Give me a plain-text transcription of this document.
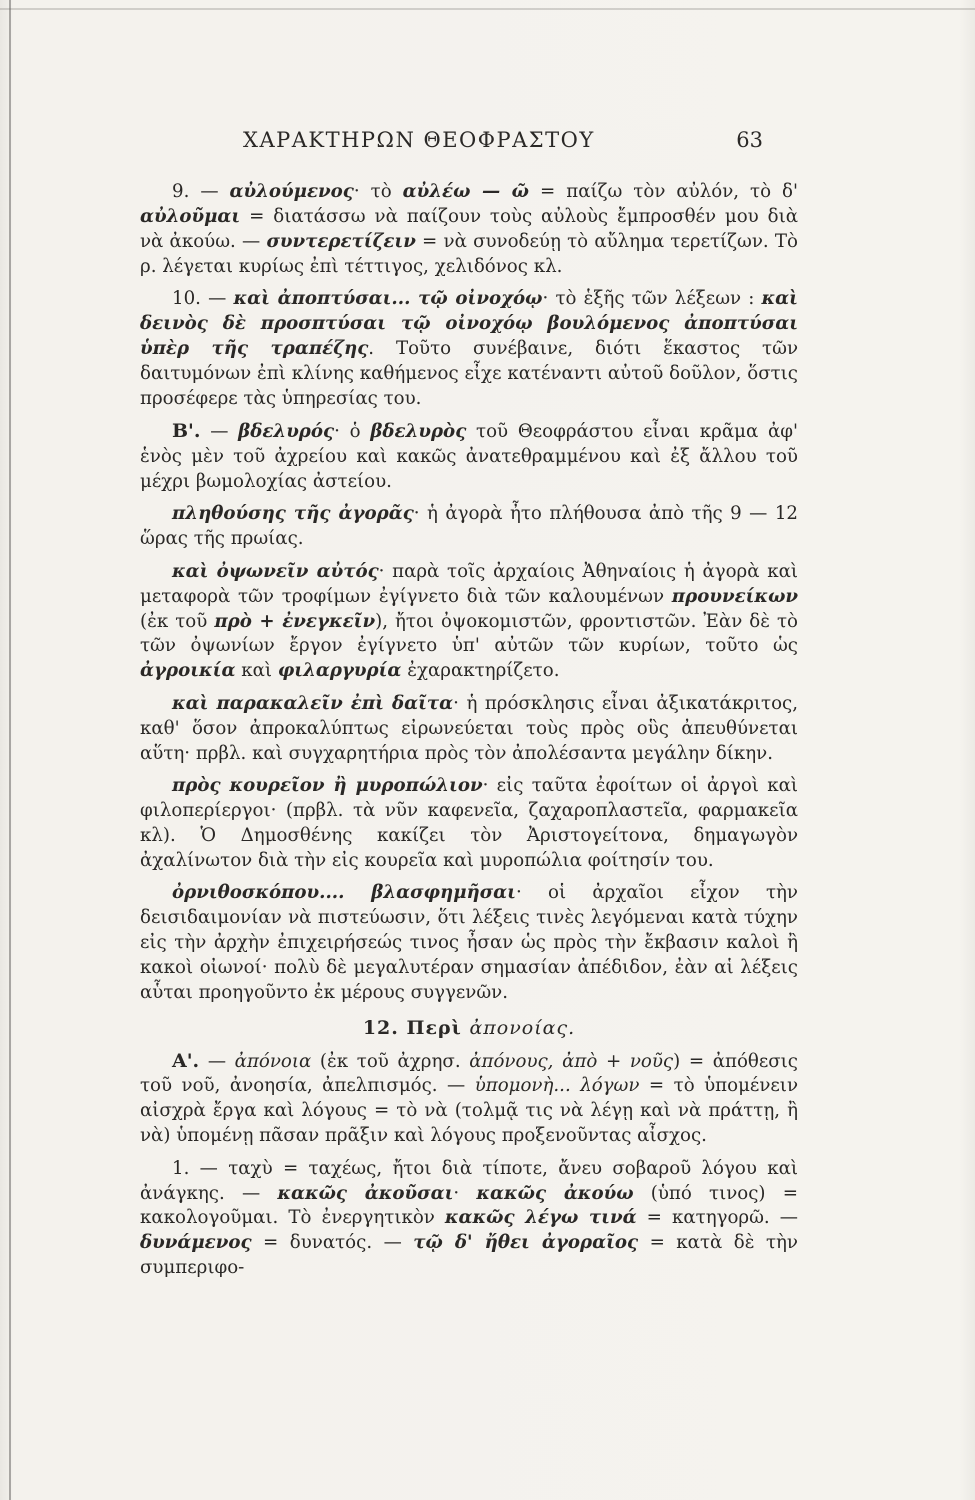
ΧΑΡΑΚΤΗΡΩΝ ΘΕΟΦΡΑΣΤΟΥ	63

9. — αὐλούμενος· τὸ αὐλέω — ῶ = παίζω τὸν αὐλόν, τὸ δ' αὐλοῦμαι = διατάσσω νὰ παίζουν τοὺς αὐλοὺς ἔμπροσθέν μου διὰ νὰ ἀκούω. — συντερετίζειν = νὰ συνοδεύῃ τὸ αὔλημα τερετίζων. Τὸ ρ. λέγεται κυρίως ἐπὶ τέττιγος, χελιδόνος κλ.

10. — καὶ ἀποπτύσαι... τῷ οἰνοχόῳ· τὸ ἑξῆς τῶν λέξεων : καὶ δεινὸς δὲ προσπτύσαι τῷ οἰνοχόῳ βουλόμενος ἀποπτύσαι ὑπὲρ τῆς τραπέζης. Τοῦτο συνέβαινε, διότι ἕκαστος τῶν δαιτυμόνων ἐπὶ κλίνης καθήμενος εἶχε κατέναντι αὐτοῦ δοῦλον, ὅστις προσέφερε τὰς ὑπηρεσίας του.

Β'. — βδελυρός· ὁ βδελυρὸς τοῦ Θεοφράστου εἶναι κρᾶμα ἀφ' ἑνὸς μὲν τοῦ ἀχρείου καὶ κακῶς ἀνατεθραμμένου καὶ ἐξ ἄλλου τοῦ μέχρι βωμολοχίας ἀστείου.

πληθούσης τῆς ἀγορᾶς· ἡ ἀγορὰ ἦτο πλήθουσα ἀπὸ τῆς 9 — 12 ὥρας τῆς πρωίας.

καὶ ὀψωνεῖν αὐτός· παρὰ τοῖς ἀρχαίοις Ἀθηναίοις ἡ ἀγορὰ καὶ μεταφορὰ τῶν τροφίμων ἐγίγνετο διὰ τῶν καλουμένων προυνείκων (ἐκ τοῦ πρὸ + ἐνεγκεῖν), ἤτοι ὀψοκομιστῶν, φροντιστῶν. Ἐὰν δὲ τὸ τῶν ὀψωνίων ἔργον ἐγίγνετο ὑπ' αὐτῶν τῶν κυρίων, τοῦτο ὡς ἀγροικία καὶ φιλαργυρία ἐχαρακτηρίζετο.

καὶ παρακαλεῖν ἐπὶ δαῖτα· ἡ πρόσκλησις εἶναι ἀξικατάκριτος, καθ' ὅσον ἀπροκαλύπτως εἰρωνεύεται τοὺς πρὸς οὓς ἀπευθύνεται αὕτη· πρβλ. καὶ συγχαρητήρια πρὸς τὸν ἀπολέσαντα μεγάλην δίκην.

πρὸς κουρεῖον ἢ μυροπώλιον· εἰς ταῦτα ἐφοίτων οἱ ἀργοὶ καὶ φιλοπερίεργοι· (πρβλ. τὰ νῦν καφενεῖα, ζαχαροπλαστεῖα, φαρμακεῖα κλ). Ὁ Δημοσθένης κακίζει τὸν Ἀριστογείτονα, δημαγωγὸν ἀχαλίνωτον διὰ τὴν εἰς κουρεῖα καὶ μυροπώλια φοίτησίν του.

ὀρνιθοσκόπου.... βλασφημῆσαι· οἱ ἀρχαῖοι εἶχον τὴν δεισιδαιμονίαν νὰ πιστεύωσιν, ὅτι λέξεις τινὲς λεγόμεναι κατὰ τύχην εἰς τὴν ἀρχὴν ἐπιχειρήσεώς τινος ἦσαν ὡς πρὸς τὴν ἔκβασιν καλοὶ ἢ κακοὶ οἰωνοί· πολὺ δὲ μεγαλυτέραν σημασίαν ἀπέδιδον, ἐὰν αἱ λέξεις αὗται προηγοῦντο ἐκ μέρους συγγενῶν.

12. Περὶ ἀπονοίας.

Α'. — ἀπόνοια (ἐκ τοῦ ἀχρησ. ἀπόνους, ἀπὸ + νοῦς) = ἀπόθεσις τοῦ νοῦ, ἀνοησία, ἀπελπισμός. — ὑπομονὴ... λόγων = τὸ ὑπομένειν αἰσχρὰ ἔργα καὶ λόγους = τὸ νὰ (τολμᾷ τις νὰ λέγῃ καὶ νὰ πράττῃ, ἢ νὰ) ὑπομένῃ πᾶσαν πρᾶξιν καὶ λόγους προξενοῦντας αἶσχος.

1. — ταχὺ = ταχέως, ἤτοι διὰ τίποτε, ἄνευ σοβαροῦ λόγου καὶ ἀνάγκης. — κακῶς ἀκοῦσαι· κακῶς ἀκούω (ὑπό τινος) = κακολογοῦμαι. Τὸ ἐνεργητικὸν κακῶς λέγω τινά = κατηγορῶ. — δυνάμενος = δυνατός. — τῷ δ' ἤθει ἀγοραῖος = κατὰ δὲ τὴν συμπεριφο-
